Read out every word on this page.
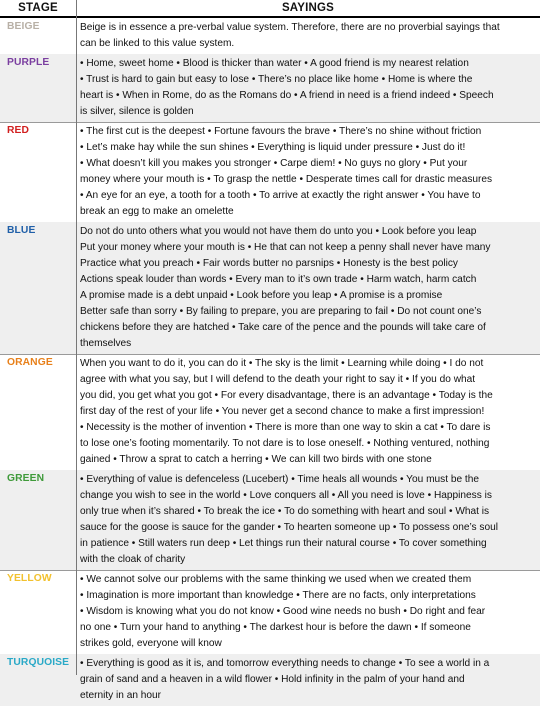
STAGE	SAYINGS
BEIGE	Beige is in essence a pre-verbal value system. Therefore, there are no proverbial sayings that
can be linked to this value system.
PURPLE	• Home, sweet home • Blood is thicker than water • A good friend is my nearest relation
• Trust is hard to gain but easy to lose • There’s no place like home • Home is where the
heart is • When in Rome, do as the Romans do • A friend in need is a friend indeed • Speech
is silver, silence is golden
RED	• The first cut is the deepest • Fortune favours the brave • There’s no shine without friction
• Let’s make hay while the sun shines • Everything is liquid under pressure • Just do it!
• What doesn’t kill you makes you stronger • Carpe diem! • No guys no glory • Put your
money where your mouth is • To grasp the nettle • Desperate times call for drastic measures
• An eye for an eye, a tooth for a tooth • To arrive at exactly the right answer • You have to
break an egg to make an omelette
BLUE	Do not do unto others what you would not have them do unto you • Look before you leap
Put your money where your mouth is • He that can not keep a penny shall never have many
Practice what you preach • Fair words butter no parsnips • Honesty is the best policy
Actions speak louder than words • Every man to it’s own trade • Harm watch, harm catch
A promise made is a debt unpaid • Look before you leap • A promise is a promise
Better safe than sorry • By failing to prepare, you are preparing to fail • Do not count one’s
chickens before they are hatched • Take care of the pence and the pounds will take care of
themselves
ORANGE	When you want to do it, you can do it • The sky is the limit • Learning while doing • I do not
agree with what you say, but I will defend to the death your right to say it • If you do what
you did, you get what you got • For every disadvantage, there is an advantage • Today is the
first day of the rest of your life • You never get a second chance to make a first impression!
• Necessity is the mother of invention • There is more than one way to skin a cat • To dare is
to lose one’s footing momentarily. To not dare is to lose oneself. • Nothing ventured, nothing
gained • Throw a sprat to catch a herring • We can kill two birds with one stone
GREEN	• Everything of value is defenceless (Lucebert) • Time heals all wounds • You must be the
change you wish to see in the world • Love conquers all • All you need is love • Happiness is
only true when it’s shared • To break the ice • To do something with heart and soul • What is
sauce for the goose is sauce for the gander • To hearten someone up • To possess one’s soul
in patience • Still waters run deep • Let things run their natural course • To cover something
with the cloak of charity
YELLOW	• We cannot solve our problems with the same thinking we used when we created them
• Imagination is more important than knowledge • There are no facts, only interpretations
• Wisdom is knowing what you do not know • Good wine needs no bush • Do right and fear
no one • Turn your hand to anything • The darkest hour is before the dawn • If someone
strikes gold, everyone will know
TURQUOISE • Everything is good as it is, and tomorrow everything needs to change • To see a world in a
grain of sand and a heaven in a wild flower • Hold infinity in the palm of your hand and
eternity in an hour
